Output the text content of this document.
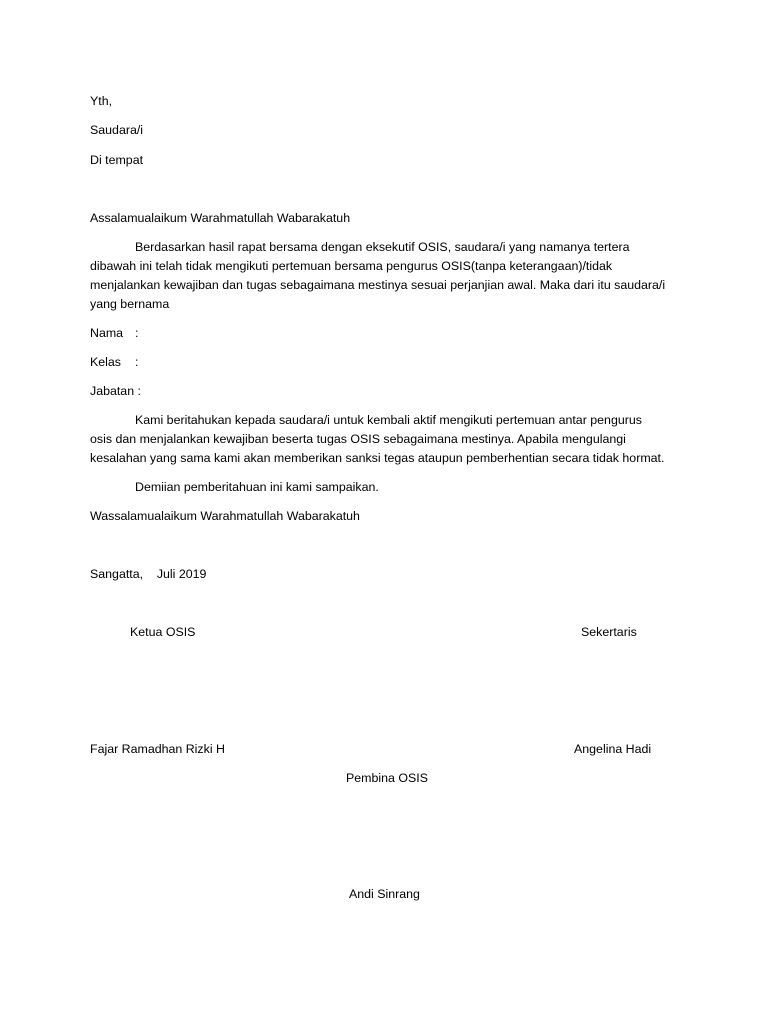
Yth,
Saudara/i
Di tempat
Assalamualaikum Warahmatullah Wabarakatuh
Berdasarkan hasil rapat bersama dengan eksekutif OSIS, saudara/i yang namanya tertera
dibawah ini telah tidak mengikuti pertemuan bersama pengurus OSIS(tanpa keterangaan)/tidak
menjalankan kewajiban dan tugas sebagaimana mestinya sesuai perjanjian awal. Maka dari itu saudara/i
yang bernama
Nama :
Kelas :
Jabatan :
Kami beritahukan kepada saudara/i untuk kembali aktif mengikuti pertemuan antar pengurus
osis dan menjalankan kewajiban beserta tugas OSIS sebagaimana mestinya. Apabila mengulangi
kesalahan yang sama kami akan memberikan sanksi tegas ataupun pemberhentian secara tidak hormat.
Demiian pemberitahuan ini kami sampaikan.
Wassalamualaikum Warahmatullah Wabarakatuh
Sangatta,    Juli 2019
Ketua OSIS	Sekertaris
Fajar Ramadhan Rizki H	Angelina Hadi
Pembina OSIS
Andi Sinrang
